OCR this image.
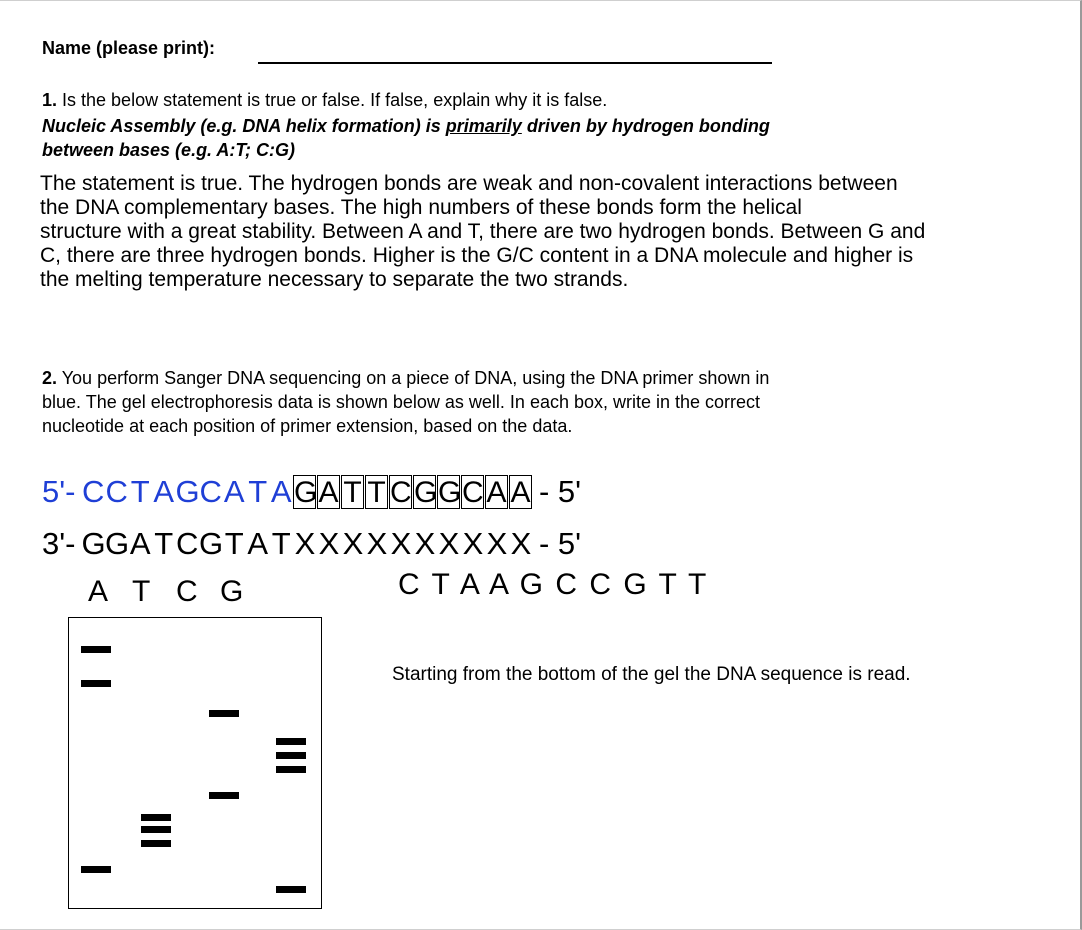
Name (please print):
1. Is the below statement is true or false. If false, explain why it is false.
Nucleic Assembly (e.g. DNA helix formation) is primarily driven by hydrogen bonding
between bases (e.g. A:T; C:G)
The statement is true. The hydrogen bonds are weak and non-covalent interactions between
the DNA complementary bases. The high numbers of these bonds form the helical
structure with a great stability. Between A and T, there are two hydrogen bonds. Between G and
C, there are three hydrogen bonds. Higher is the G/C content in a DNA molecule and higher is
the melting temperature necessary to separate the two strands.
2. You perform Sanger DNA sequencing on a piece of DNA, using the DNA primer shown in
blue. The gel electrophoresis data is shown below as well. In each box, write in the correct
nucleotide at each position of primer extension, based on the data.
5'- CCT AGCA T A GA T T CGGCA A - 5'
3'- GGA TCGT A T X X X X X X X X X X - 5'
A T C G	C T A A G C C G T T
Starting from the bottom of the gel the DNA sequence is read.
